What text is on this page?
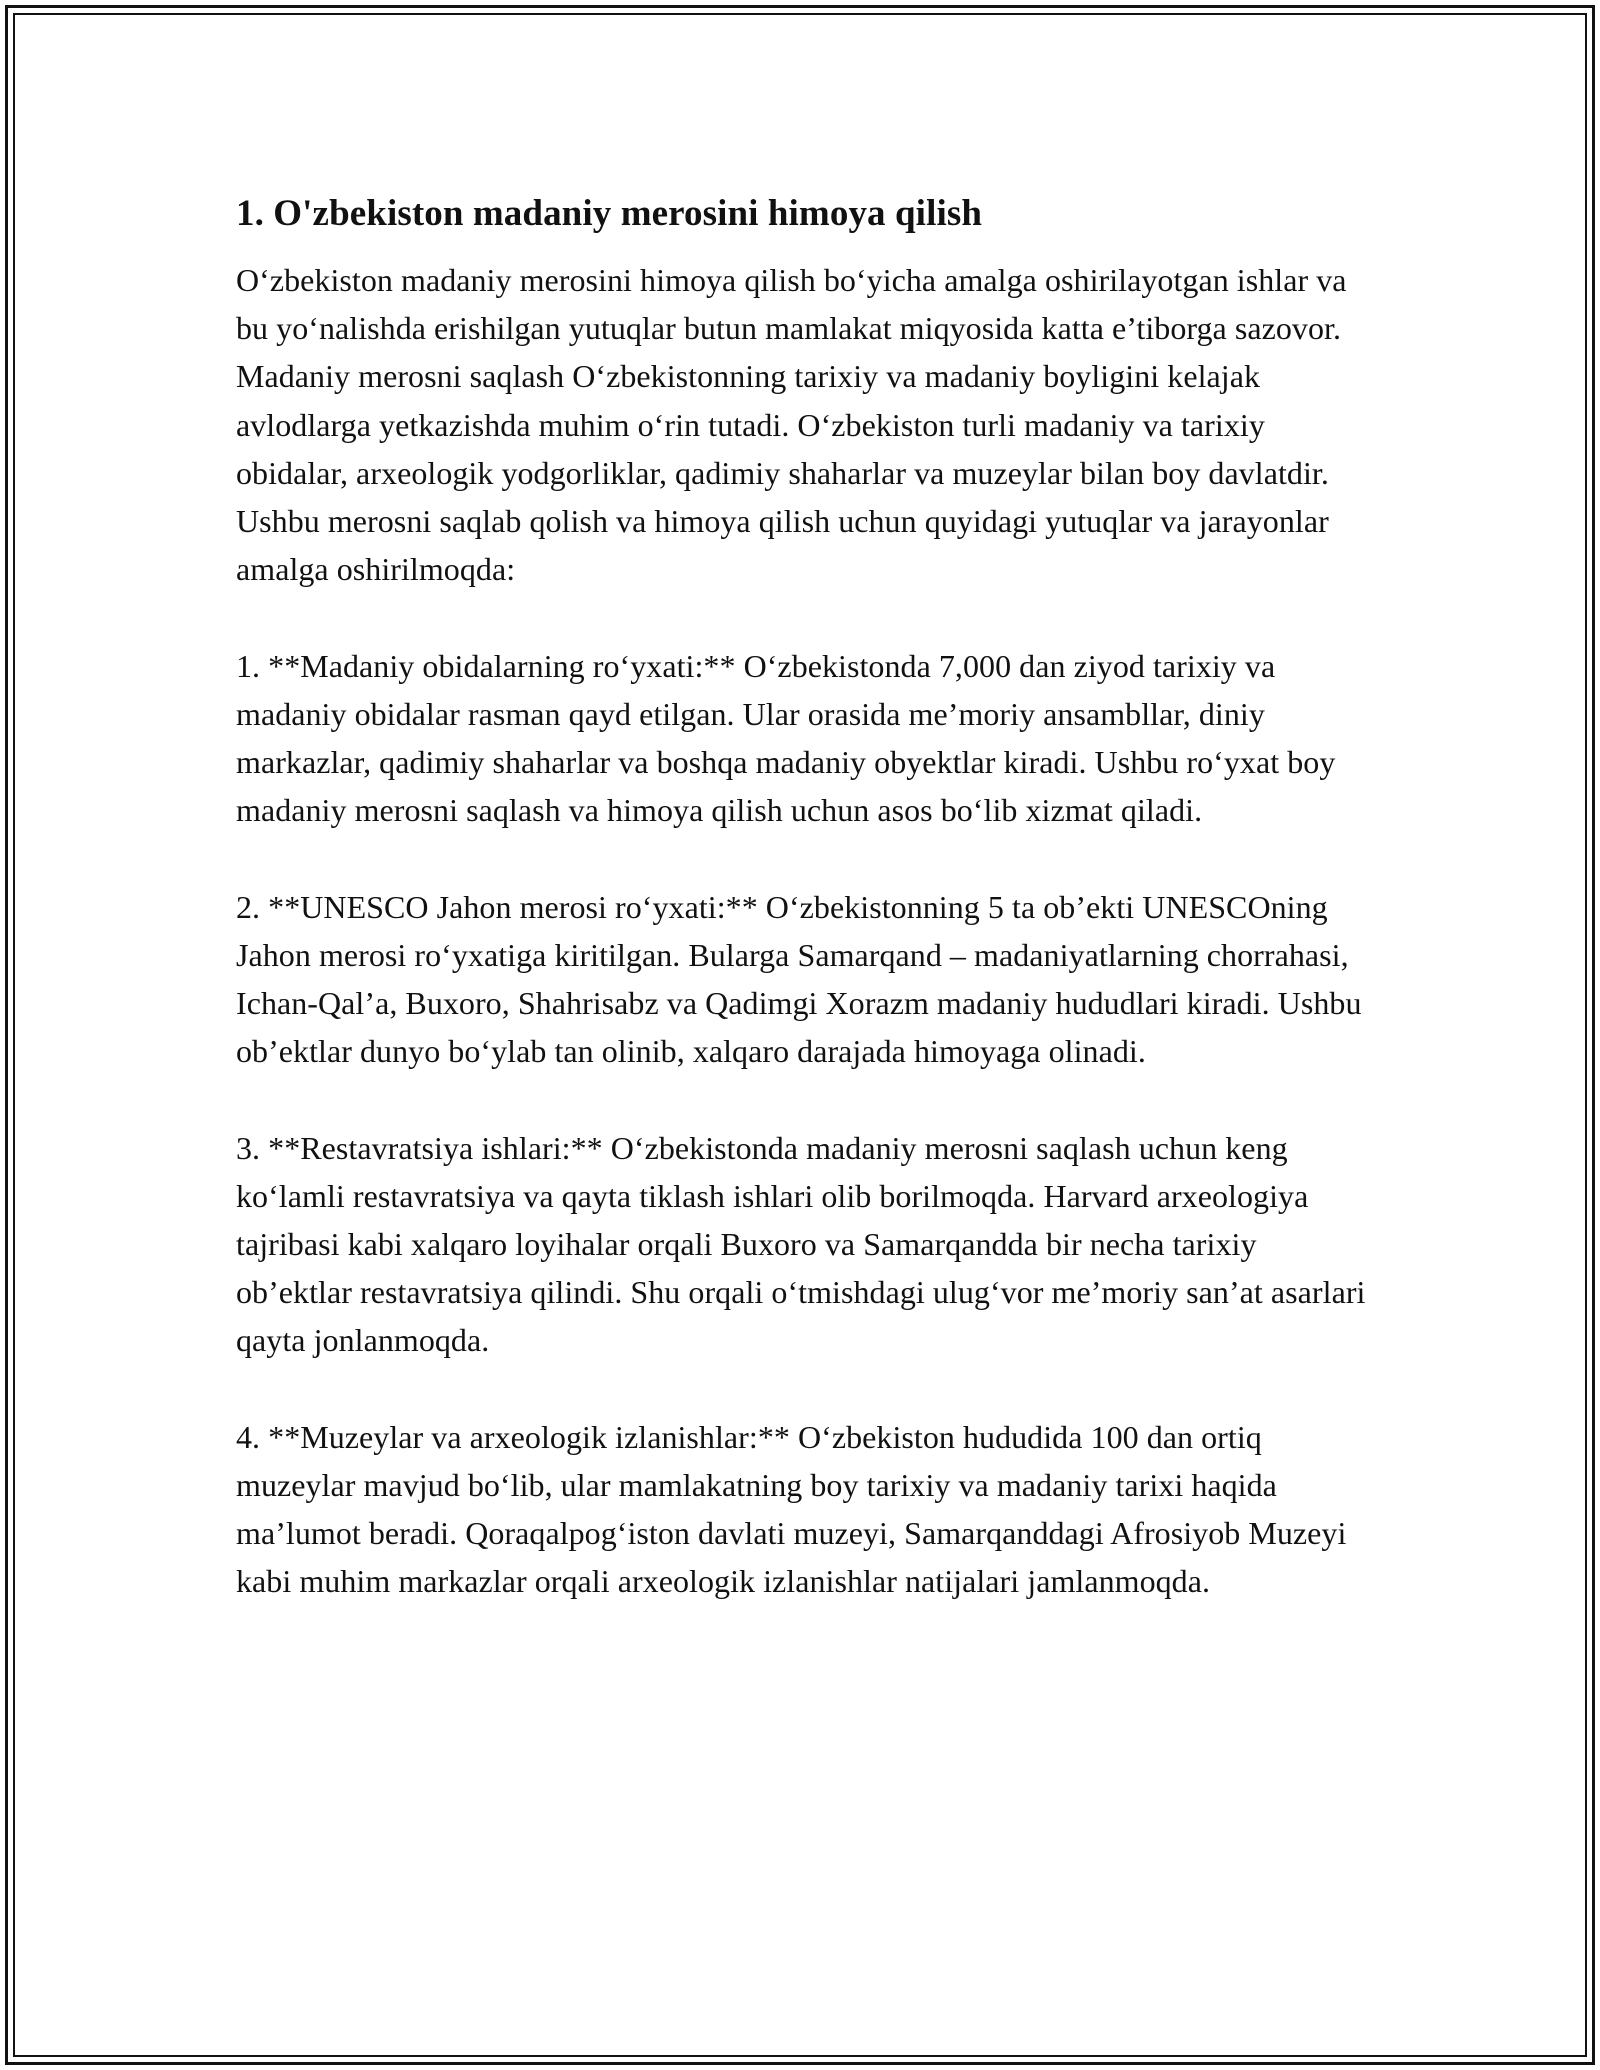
1. O'zbekiston madaniy merosini himoya qilish

O‘zbekiston madaniy merosini himoya qilish bo‘yicha amalga oshirilayotgan ishlar va bu yo‘nalishda erishilgan yutuqlar butun mamlakat miqyosida katta e’tiborga sazovor. Madaniy merosni saqlash O‘zbekistonning tarixiy va madaniy boyligini kelajak avlodlarga yetkazishda muhim o‘rin tutadi. O‘zbekiston turli madaniy va tarixiy obidalar, arxeologik yodgorliklar, qadimiy shaharlar va muzeylar bilan boy davlatdir. Ushbu merosni saqlab qolish va himoya qilish uchun quyidagi yutuqlar va jarayonlar amalga oshirilmoqda:

1. **Madaniy obidalarning ro‘yxati:** O‘zbekistonda 7,000 dan ziyod tarixiy va madaniy obidalar rasman qayd etilgan. Ular orasida me’moriy ansambllar, diniy markazlar, qadimiy shaharlar va boshqa madaniy obyektlar kiradi. Ushbu ro‘yxat boy madaniy merosni saqlash va himoya qilish uchun asos bo‘lib xizmat qiladi.

2. **UNESCO Jahon merosi ro‘yxati:** O‘zbekistonning 5 ta ob’ekti UNESCOning Jahon merosi ro‘yxatiga kiritilgan. Bularga Samarqand – madaniyatlarning chorrahasi, Ichan-Qal’a, Buxoro, Shahrisabz va Qadimgi Xorazm madaniy hududlari kiradi. Ushbu ob’ektlar dunyo bo‘ylab tan olinib, xalqaro darajada himoyaga olinadi.

3. **Restavratsiya ishlari:** O‘zbekistonda madaniy merosni saqlash uchun keng ko‘lamli restavratsiya va qayta tiklash ishlari olib borilmoqda. Harvard arxeologiya tajribasi kabi xalqaro loyihalar orqali Buxoro va Samarqandda bir necha tarixiy ob’ektlar restavratsiya qilindi. Shu orqali o‘tmishdagi ulug‘vor me’moriy san’at asarlari qayta jonlanmoqda.

4. **Muzeylar va arxeologik izlanishlar:** O‘zbekiston hududida 100 dan ortiq muzeylar mavjud bo‘lib, ular mamlakatning boy tarixiy va madaniy tarixi haqida ma’lumot beradi. Qoraqalpog‘iston davlati muzeyi, Samarqanddagi Afrosiyob Muzeyi kabi muhim markazlar orqali arxeologik izlanishlar natijalari jamlanmoqda.
